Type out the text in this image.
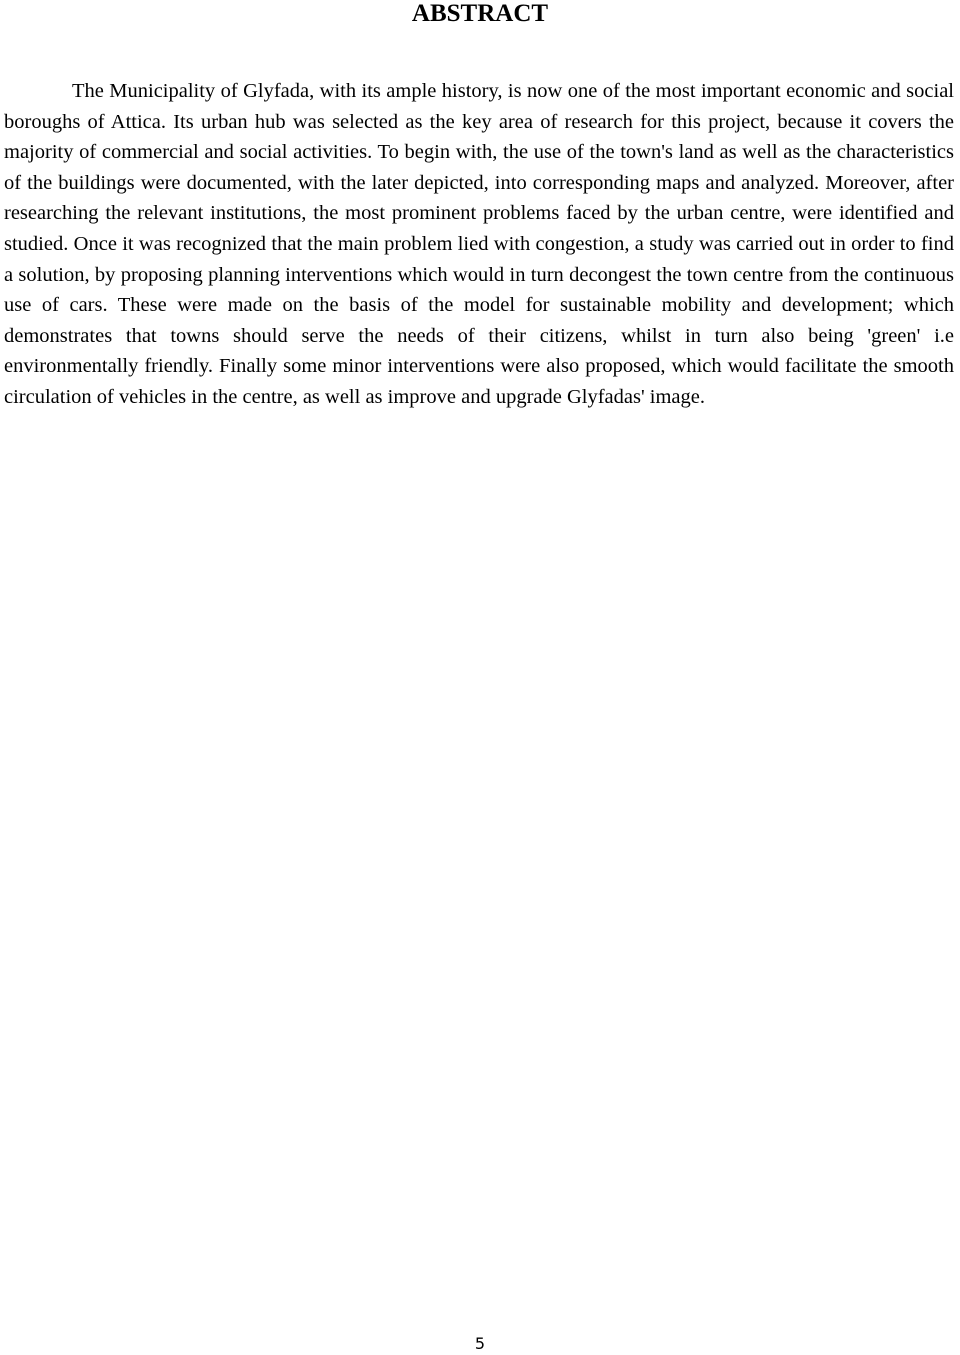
ABSTRACT

The Municipality of Glyfada, with its ample history, is now one of the most important economic and social boroughs of Attica. Its urban hub was selected as the key area of research for this project, because it covers the majority of commercial and social activities. To begin with, the use of the town's land as well as the characteristics of the buildings were documented, with the later depicted, into corresponding maps and analyzed. Moreover, after researching the relevant institutions, the most prominent problems faced by the urban centre, were identified and studied. Once it was recognized that the main problem lied with congestion, a study was carried out in order to find a solution, by proposing planning interventions which would in turn decongest the town centre from the continuous use of cars. These were made on the basis of the model for sustainable mobility and development; which demonstrates that towns should serve the needs of their citizens, whilst in turn also being 'green' i.e environmentally friendly. Finally some minor interventions were also proposed, which would facilitate the smooth circulation of vehicles in the centre, as well as improve and upgrade Glyfadas' image.

5
